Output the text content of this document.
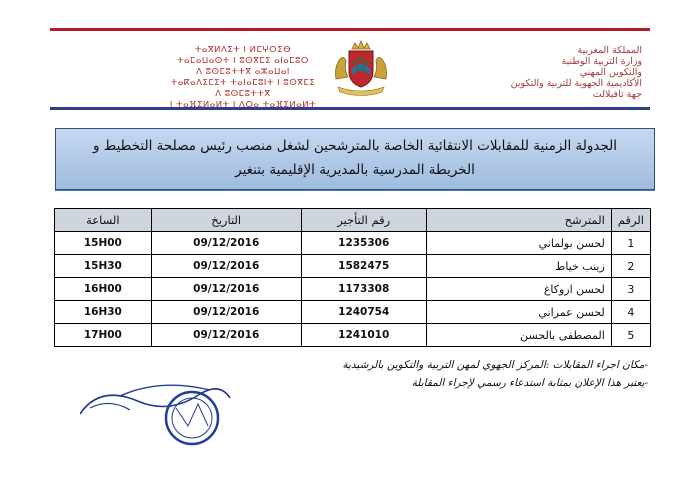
المملكة المغربية
وزارة التربية الوطنية
والتكوين المهني
الأكاديمية الجهوية للتربية والتكوين
جهة تافيلالت
ⵜⴰⴳⵍⴷⵉⵜ ⵏ ⵍⵎⵖⵔⵉⴱ
ⵜⴰⵎⴰⵡⴰⵙⵜ ⵏ ⵓⵙⴳⵎⵉ ⴰⵏⴰⵎⵓⵔ
ⴷ ⵓⵙⵎⵓⵜⵜⴳ ⴰⵣⴰⵡⴰⵏ
ⵜⴰⴽⴰⴷⵉⵎⵉⵜ ⵜⴰⵏⴰⵎⵓⵏⵜ ⵏ ⵓⵙⴳⵎⵉ
ⴷ ⵓⵙⵎⵓⵜⵜⴳ
ⵏ ⵜⴰⴼⵉⵍⴰⵍⵜ ⵏ ⴷⵔⴰ ⵜⴰⴼⵉⵍⴰⵍⵜ
الجدولة الزمنية للمقابلات الانتقائية الخاصة بالمترشحين لشغل منصب رئيس مصلحة التخطيط و
الخريطة المدرسية بالمديرية الإقليمية بتنغير
الرقم	المترشح	رقم التأجير	التاريخ	الساعة
1	لحسن بولماني	1235306	09/12/2016	15H00
2	زينب خياط	1582475	09/12/2016	15H30
3	لحسن ازوكاغ	1173308	09/12/2016	16H00
4	لحسن عمراني	1240754	09/12/2016	16H30
5	المصطفى بالحسن	1241010	09/12/2016	17H00
-مكان اجراء المقابلات :المركز الجهوي لمهن التربية والتكوين بالرشيدية
-يعتبر هذا الإعلان بمثابة استدعاء رسمي لإجراء المقابلة
